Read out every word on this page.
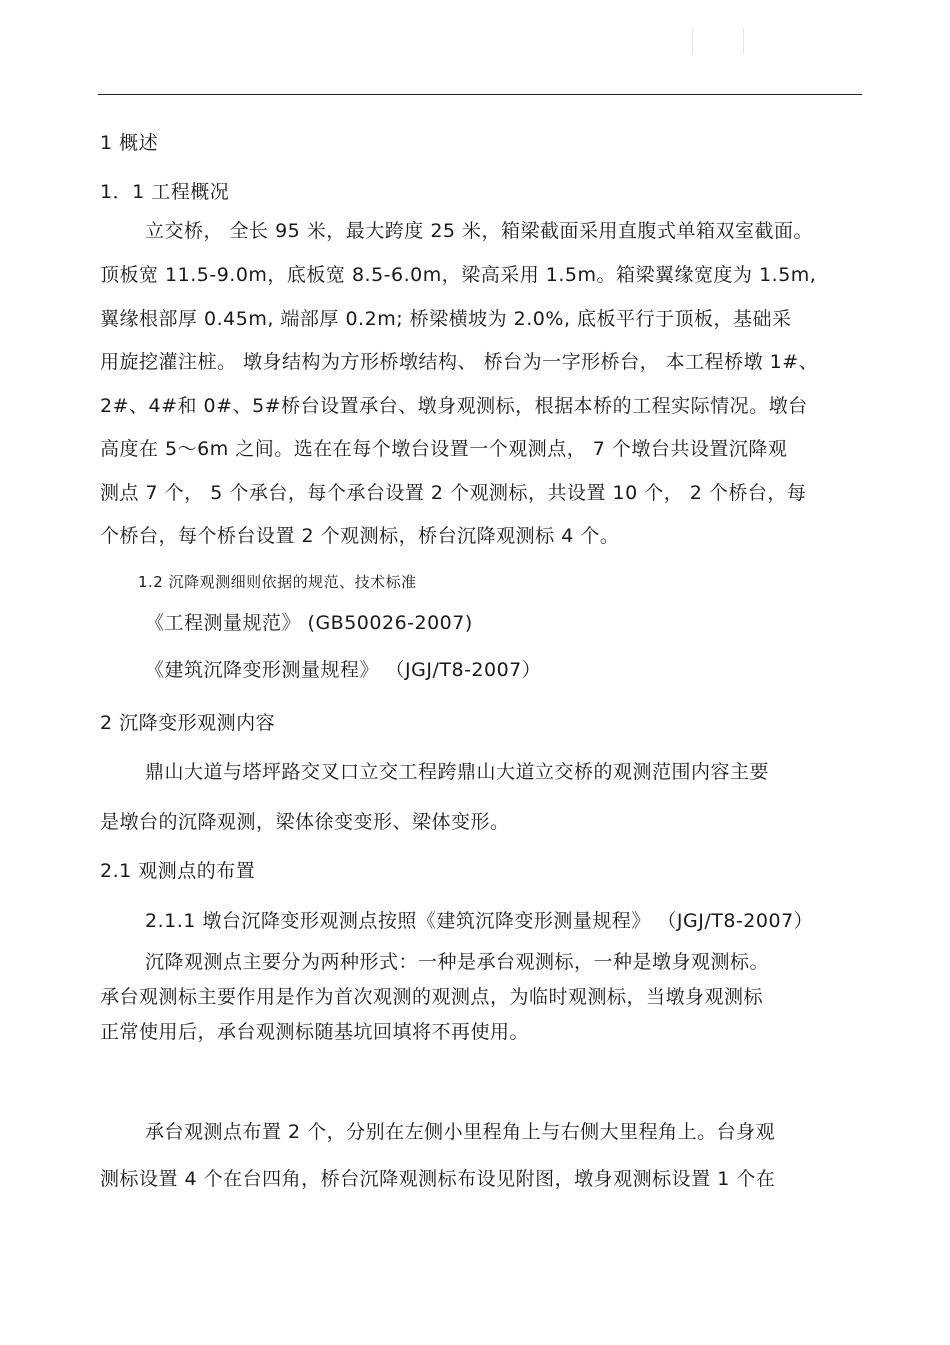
1 概述
1．1 工程概况
立交桥， 全长 95 米，最大跨度 25 米，箱梁截面采用直腹式单箱双室截面。
顶板宽 11.5-9.0m，底板宽 8.5-6.0m，梁高采用 1.5m。箱梁翼缘宽度为 1.5m,
翼缘根部厚 0.45m, 端部厚 0.2m; 桥梁横坡为 2.0%, 底板平行于顶板，基础采
用旋挖灌注桩。 墩身结构为方形桥墩结构、 桥台为一字形桥台， 本工程桥墩 1#、
2#、4#和 0#、5#桥台设置承台、墩身观测标，根据本桥的工程实际情况。墩台
高度在 5～6m 之间。选在在每个墩台设置一个观测点， 7 个墩台共设置沉降观
测点 7 个， 5 个承台，每个承台设置 2 个观测标，共设置 10 个， 2 个桥台，每
个桥台，每个桥台设置 2 个观测标，桥台沉降观测标 4 个。
1.2 沉降观测细则依据的规范、技术标准
《工程测量规范》 (GB50026-2007)
《建筑沉降变形测量规程》 （JGJ/T8-2007）
2 沉降变形观测内容
鼎山大道与塔坪路交叉口立交工程跨鼎山大道立交桥的观测范围内容主要
是墩台的沉降观测，梁体徐变变形、梁体变形。
2.1 观测点的布置
2.1.1 墩台沉降变形观测点按照《建筑沉降变形测量规程》 （JGJ/T8-2007）
沉降观测点主要分为两种形式：一种是承台观测标，一种是墩身观测标。
承台观测标主要作用是作为首次观测的观测点，为临时观测标，当墩身观测标
正常使用后，承台观测标随基坑回填将不再使用。
承台观测点布置 2 个，分别在左侧小里程角上与右侧大里程角上。台身观
测标设置 4 个在台四角，桥台沉降观测标布设见附图，墩身观测标设置 1 个在
